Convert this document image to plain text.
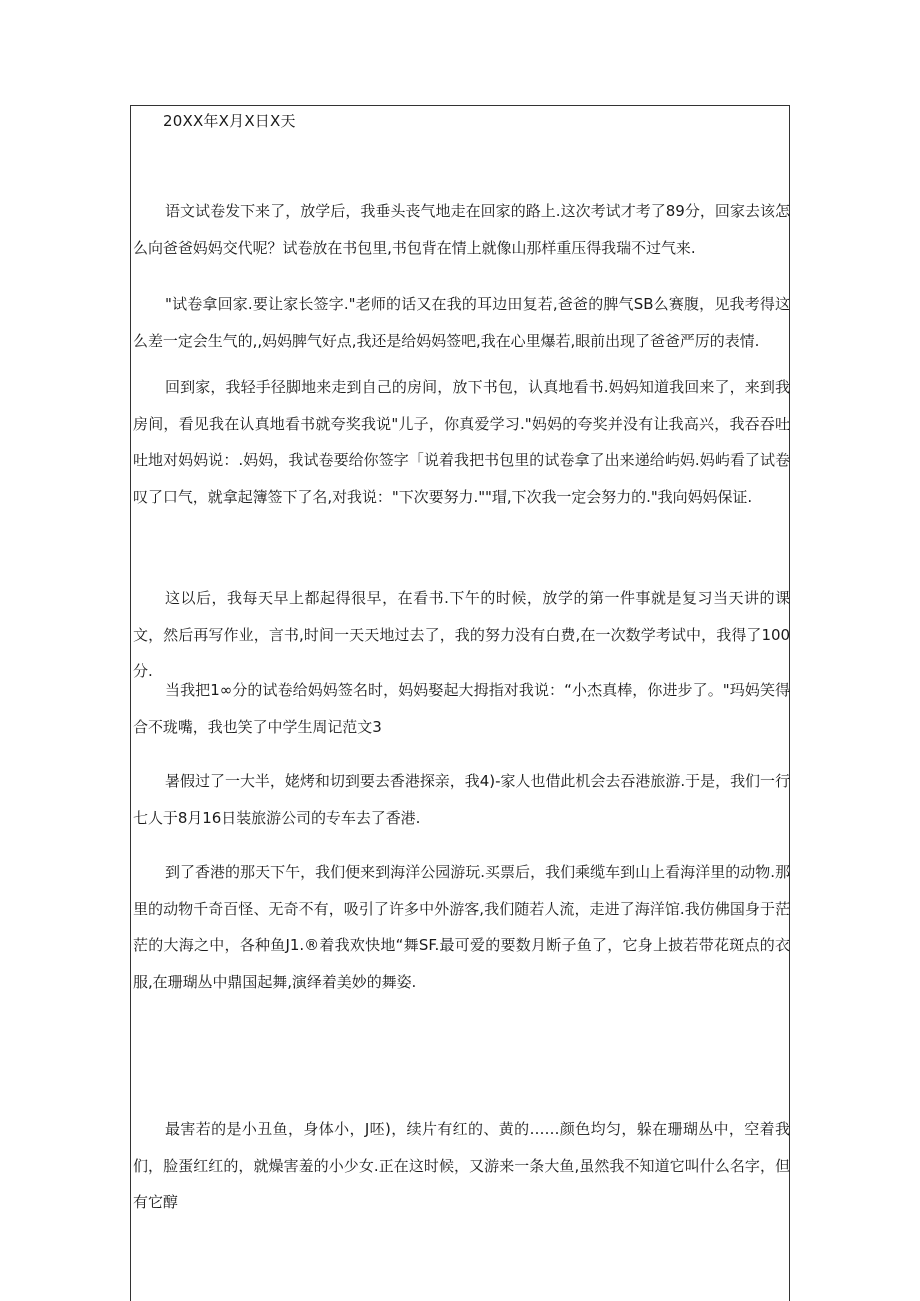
20XX年X月X日X天

语文试卷发下来了，放学后，我垂头丧气地走在回家的路上.这次考试才考了89分，回家去该怎么向爸爸妈妈交代呢？试卷放在书包里,书包背在情上就像山那样重压得我瑞不过气来.

"试卷拿回家.要让家长签字."老师的话又在我的耳边田复若,爸爸的脾气SB么赛腹，见我考得这么差一定会生气的,,妈妈脾气好点,我还是给妈妈签吧,我在心里爆若,眼前出现了爸爸严厉的表情.

回到家，我轻手径脚地来走到自己的房间，放下书包，认真地看书.妈妈知道我回来了，来到我房间，看见我在认真地看书就夸奖我说"儿子，你真爱学习."妈妈的夸奖并没有让我高兴，我吞吞吐吐地对妈妈说：.妈妈，我试卷要给你签字「说着我把书包里的试卷拿了出来递给屿妈.妈屿看了试卷叹了口气，就拿起簿签下了名,对我说："下次要努力.""瑁,下次我一定会努力的."我向妈妈保证.

这以后，我每天早上都起得很早，在看书.下午的时候，放学的第一件事就是复习当天讲的课文，然后再写作业，言书,时间一天天地过去了，我的努力没有白费,在一次数学考试中，我得了100分.

当我把1∞分的试卷给妈妈签名时，妈妈娶起大拇指对我说：“小杰真棒，你进步了。"玛妈笑得合不珑嘴，我也笑了中学生周记范文3

暑假过了一大半，姥烤和切到要去香港探亲，我4)-家人也借此机会去吞港旅游.于是，我们一行七人于8月16日装旅游公司的专车去了香港.

到了香港的那天下午，我们便来到海洋公园游玩.买票后，我们乘缆车到山上看海洋里的动物.那里的动物千奇百怪、无奇不有，吸引了许多中外游客,我们随若人流，走进了海洋馆.我仿佛国身于茫茫的大海之中，各种鱼J1.®着我欢快地“舞SF.最可爱的要数月断子鱼了，它身上披若带花斑点的衣服,在珊瑚丛中鼎国起舞,演绎着美妙的舞姿.

最害若的是小丑鱼，身体小，J呸)，续片有红的、黄的……颜色均匀，躲在珊瑚丛中，空着我们，脸蛋红红的，就燥害羞的小少女.正在这时候，又游来一条大鱼,虽然我不知道它叫什么名字，但有它醇
